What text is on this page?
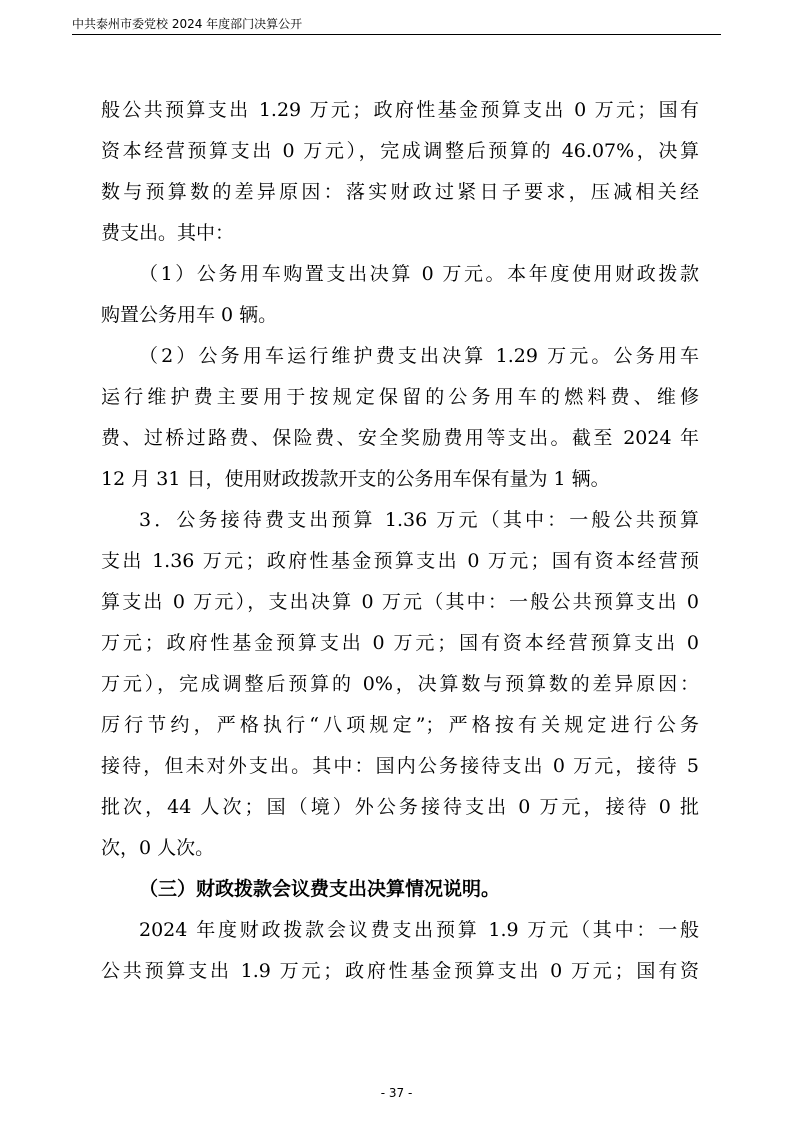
中共泰州市委党校 2024 年度部门决算公开
般公共预算支出 1.29 万元；政府性基金预算支出 0 万元；国有
资本经营预算支出 0 万元），完成调整后预算的 46.07%，决算
数与预算数的差异原因：落实财政过紧日子要求，压减相关经
费支出。其中：
（1）公务用车购置支出决算 0 万元。本年度使用财政拨款
购置公务用车 0 辆。
（2）公务用车运行维护费支出决算 1.29 万元。公务用车
运行维护费主要用于按规定保留的公务用车的燃料费、维修
费、过桥过路费、保险费、安全奖励费用等支出。截至 2024 年
12 月 31 日，使用财政拨款开支的公务用车保有量为 1 辆。
3．公务接待费支出预算 1.36 万元（其中：一般公共预算
支出 1.36 万元；政府性基金预算支出 0 万元；国有资本经营预
算支出 0 万元），支出决算 0 万元（其中：一般公共预算支出 0
万元；政府性基金预算支出 0 万元；国有资本经营预算支出 0
万元），完成调整后预算的 0%，决算数与预算数的差异原因：
厉行节约，严格执行“八项规定”；严格按有关规定进行公务
接待，但未对外支出。其中：国内公务接待支出 0 万元，接待 5
批次，44 人次；国（境）外公务接待支出 0 万元，接待 0 批
次，0 人次。
（三）财政拨款会议费支出决算情况说明。
2024 年度财政拨款会议费支出预算 1.9 万元（其中：一般
公共预算支出 1.9 万元；政府性基金预算支出 0 万元；国有资
- 37 -
